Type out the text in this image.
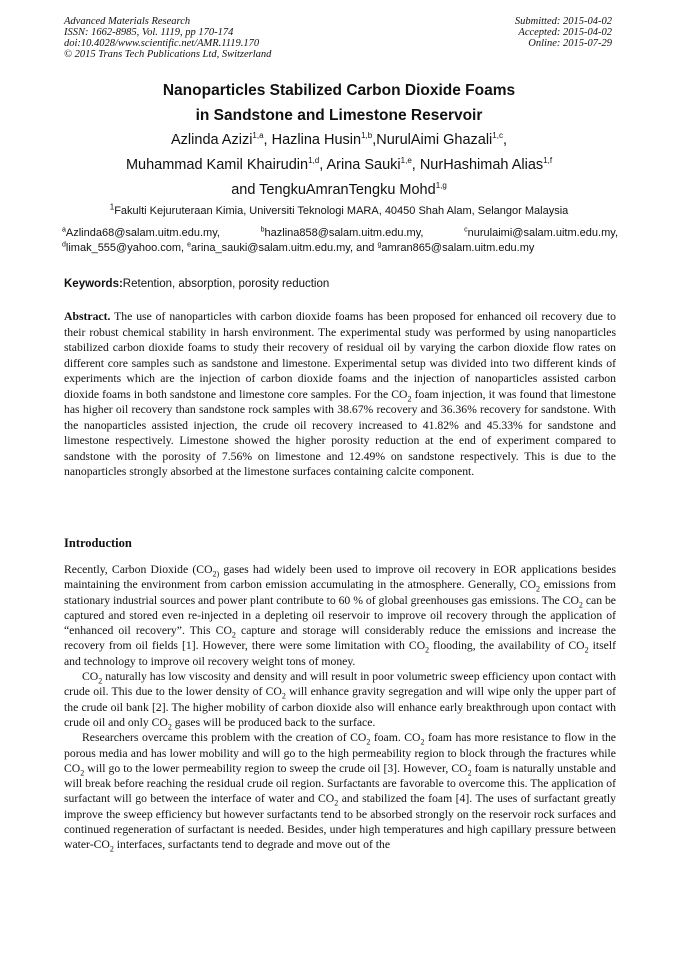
Advanced Materials Research
ISSN: 1662-8985, Vol. 1119, pp 170-174
doi:10.4028/www.scientific.net/AMR.1119.170
© 2015 Trans Tech Publications Ltd, Switzerland
Submitted: 2015-04-02
Accepted: 2015-04-02
Online: 2015-07-29
Nanoparticles Stabilized Carbon Dioxide Foams
in Sandstone and Limestone Reservoir
Azlinda Azizi$^{1,a}$, Hazlina Husin$^{1,b}$,NurulAimi Ghazali$^{1,c}$,
Muhammad Kamil Khairudin$^{1,d}$, Arina Sauki$^{1,e}$, NurHashimah Alias$^{1,f}$
and TengkuAmranTengku Mohd$^{1,g}$
$^1$Fakulti Kejuruteraan Kimia, Universiti Teknologi MARA, 40450 Shah Alam, Selangor Malaysia
$^a$Azlinda68@salam.uitm.edu.my, $^b$hazlina858@salam.uitm.edu.my, $^c$nurulaimi@salam.uitm.edu.my, $^d$limak_555@yahoo.com, $^e$arina_sauki@salam.uitm.edu.my, and $^g$amran865@salam.uitm.edu.my
Keywords:Retention, absorption, porosity reduction
Abstract. The use of nanoparticles with carbon dioxide foams has been proposed for enhanced oil recovery due to their robust chemical stability in harsh environment. The experimental study was performed by using nanoparticles stabilized carbon dioxide foams to study their recovery of residual oil by varying the carbon dioxide flow rates on different core samples such as sandstone and limestone. Experimental setup was divided into two different kinds of experiments which are the injection of carbon dioxide foams and the injection of nanoparticles assisted carbon dioxide foams in both sandstone and limestone core samples. For the $CO_2$ foam injection, it was found that limestone has higher oil recovery than sandstone rock samples with 38.67% recovery and 36.36% recovery for sandstone. With the nanoparticles assisted injection, the crude oil recovery increased to 41.82% and 45.33% for sandstone and limestone respectively. Limestone showed the higher porosity reduction at the end of experiment compared to sandstone with the porosity of 7.56% on limestone and 12.49% on sandstone respectively. This is due to the nanoparticles strongly absorbed at the limestone surfaces containing calcite component.
Introduction

Recently, Carbon Dioxide ($CO_{2)}$ gases had widely been used to improve oil recovery in EOR applications besides maintaining the environment from carbon emission accumulating in the atmosphere. Generally, $CO_2$ emissions from stationary industrial sources and power plant contribute to 60 % of global greenhouses gas emissions. The $CO_2$ can be captured and stored even re-injected in a depleting oil reservoir to improve oil recovery through the application of “enhanced oil recovery”. This $CO_2$ capture and storage will considerably reduce the emissions and increase the recovery from oil fields [1]. However, there were some limitation with $CO_2$ flooding, the availability of $CO_2$ itself and technology to improve oil recovery weight tons of money.

$CO_2$ naturally has low viscosity and density and will result in poor volumetric sweep efficiency upon contact with crude oil. This due to the lower density of $CO_2$ will enhance gravity segregation and will wipe only the upper part of the crude oil bank [2]. The higher mobility of carbon dioxide also will enhance early breakthrough upon contact with crude oil and only $CO_2$ gases will be produced back to the surface.

Researchers overcame this problem with the creation of $CO_2$ foam. $CO_2$ foam has more resistance to flow in the porous media and has lower mobility and will go to the high permeability region to block through the fractures while $CO_2$ will go to the lower permeability region to sweep the crude oil [3]. However, $CO_2$ foam is naturally unstable and will break before reaching the residual crude oil region. Surfactants are favorable to overcome this. The application of surfactant will go between the interface of water and $CO_2$ and stabilized the foam [4]. The uses of surfactant greatly improve the sweep efficiency but however surfactants tend to be absorbed strongly on the reservoir rock surfaces and continued regeneration of surfactant is needed. Besides, under high temperatures and high capillary pressure between water-$CO_2$ interfaces, surfactants tend to degrade and move out of the
